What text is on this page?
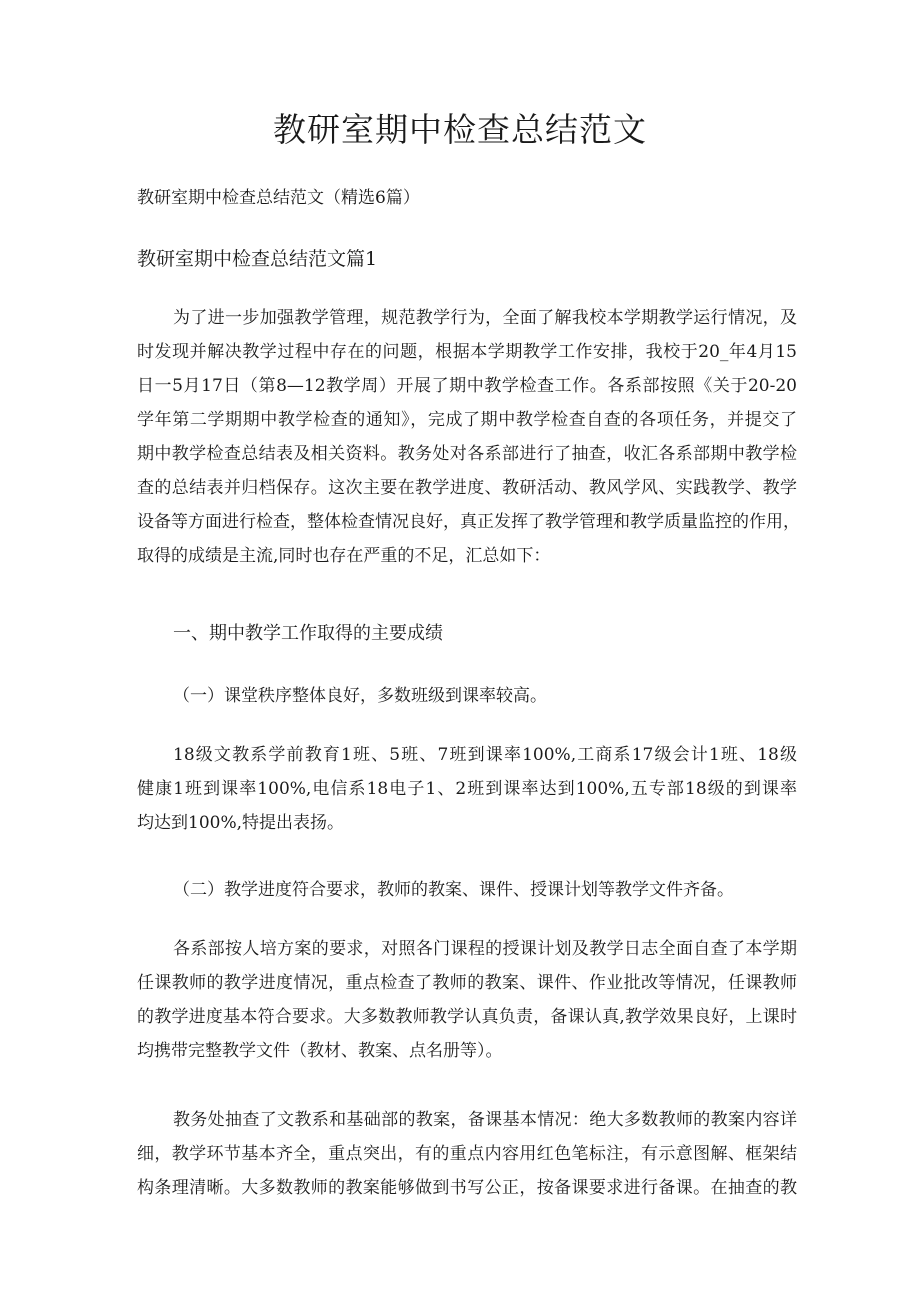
教研室期中检查总结范文
教研室期中检查总结范文（精选6篇）
教研室期中检查总结范文篇1
为了进一步加强教学管理，规范教学行为，全面了解我校本学期教学运行情况，及
时发现并解决教学过程中存在的问题，根据本学期教学工作安排，我校于20_年4月15
日一5月17日（第8—12教学周）开展了期中教学检查工作。各系部按照《关于20-20
学年第二学期期中教学检查的通知》，完成了期中教学检查自查的各项任务，并提交了
期中教学检查总结表及相关资料。教务处对各系部进行了抽查，收汇各系部期中教学检
查的总结表并归档保存。这次主要在教学进度、教研活动、教风学风、实践教学、教学
设备等方面进行检查，整体检查情况良好，真正发挥了教学管理和教学质量监控的作用，
取得的成绩是主流,同时也存在严重的不足，汇总如下：
一、期中教学工作取得的主要成绩
（一）课堂秩序整体良好，多数班级到课率较高。
18级文教系学前教育1班、5班、7班到课率100%,工商系17级会计1班、18级
健康1班到课率100%,电信系18电子1、2班到课率达到100%,五专部18级的到课率
均达到100%,特提出表扬。
（二）教学进度符合要求，教师的教案、课件、授课计划等教学文件齐备。
各系部按人培方案的要求，对照各门课程的授课计划及教学日志全面自查了本学期
任课教师的教学进度情况，重点检查了教师的教案、课件、作业批改等情况，任课教师
的教学进度基本符合要求。大多数教师教学认真负责，备课认真,教学效果良好，上课时
均携带完整教学文件（教材、教案、点名册等）。
教务处抽查了文教系和基础部的教案，备课基本情况：绝大多数教师的教案内容详
细，教学环节基本齐全，重点突出，有的重点内容用红色笔标注，有示意图解、框架结
构条理清晰。大多数教师的教案能够做到书写公正，按备课要求进行备课。在抽查的教
